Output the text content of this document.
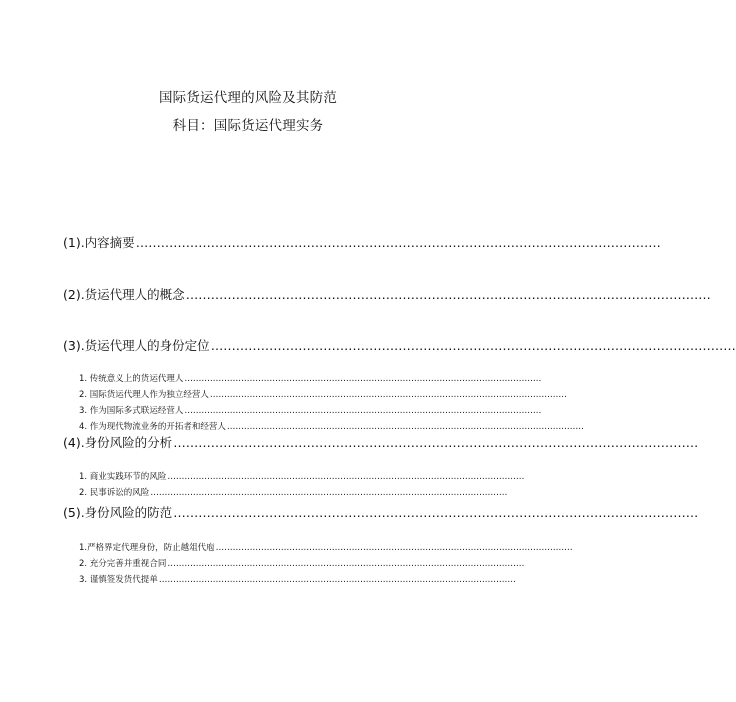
国际货运代理的风险及其防范
科目：国际货运代理实务
(1).内容摘要 ………………………………………………………………………………………………………………
(2).货运代理人的概念 ………………………………………………………………………………………………………………
(3).货运代理人的身份定位 ………………………………………………………………………………………………………………
1. 传统意义上的货运代理人 ………………………………………………………………………………………………………………
2. 国际货运代理人作为独立经营人 ………………………………………………………………………………………………………………
3. 作为国际多式联运经营人 ………………………………………………………………………………………………………………
4. 作为现代物流业务的开拓者和经营人 ………………………………………………………………………………………………………………
(4).身份风险的分析 ………………………………………………………………………………………………………………
1. 商业实践环节的风险 ………………………………………………………………………………………………………………
2. 民事诉讼的风险 ………………………………………………………………………………………………………………
(5).身份风险的防范 ………………………………………………………………………………………………………………
1.严格界定代理身份，防止越俎代庖 ………………………………………………………………………………………………………………
2. 充分完善并重视合同 ………………………………………………………………………………………………………………
3. 谨慎签发货代提单 ………………………………………………………………………………………………………………
